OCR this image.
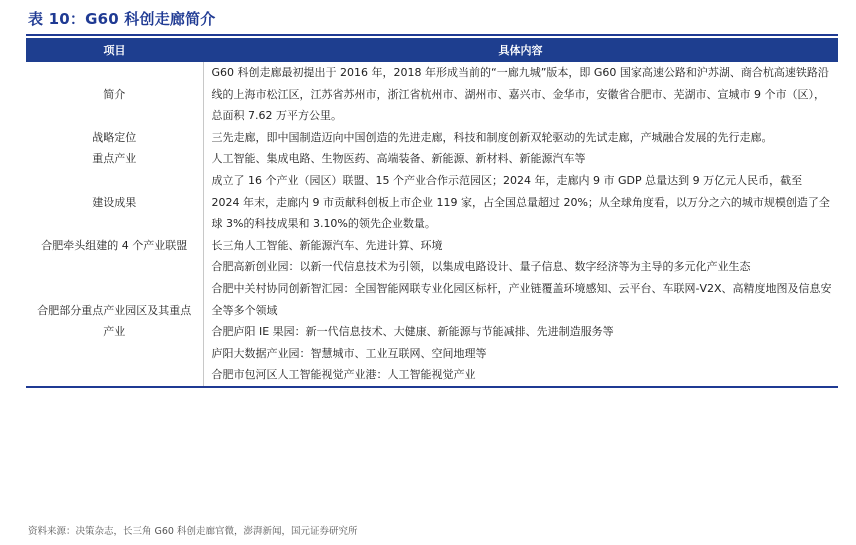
表 10：G60 科创走廊简介
项目	具体内容
简介	G60 科创走廊最初提出于 2016 年，2018 年形成当前的“一廊九城”版本，即 G60 国家高速公路和沪苏湖、商合杭高速铁路沿线的上海市松江区，江苏省苏州市，浙江省杭州市、湖州市、嘉兴市、金华市，安徽省合肥市、芜湖市、宣城市 9 个市（区），总面积 7.62 万平方公里。

战略定位	三先走廊，即中国制造迈向中国创造的先进走廊，科技和制度创新双轮驱动的先试走廊，产城融合发展的先行走廊。

重点产业	人工智能、集成电路、生物医药、高端装备、新能源、新材料、新能源汽车等

建设成果	成立了 16 个产业（园区）联盟、15 个产业合作示范园区；2024 年，走廊内 9 市 GDP 总量达到 9 万亿元人民币，截至 2024 年末，走廊内 9 市贡献科创板上市企业 119 家，占全国总量超过 20%；从全球角度看，以万分之六的城市规模创造了全球 3%的科技成果和 3.10%的领先企业数量。

合肥牵头组建的 4 个产业联盟	长三角人工智能、新能源汽车、先进计算、环境

合肥部分重点产业园区及其重点产业	合肥高新创业园：以新一代信息技术为引领，以集成电路设计、量子信息、数字经济等为主导的多元化产业生态
合肥中关村协同创新智汇园：全国智能网联专业化园区标杆，产业链覆盖环境感知、云平台、车联网-V2X、高精度地图及信息安全等多个领域
合肥庐阳 IE 果园：新一代信息技术、大健康、新能源与节能减排、先进制造服务等
庐阳大数据产业园：智慧城市、工业互联网、空间地理等
合肥市包河区人工智能视觉产业港：人工智能视觉产业
资料来源：决策杂志，长三角 G60 科创走廊官微，澎湃新闻，国元证券研究所
